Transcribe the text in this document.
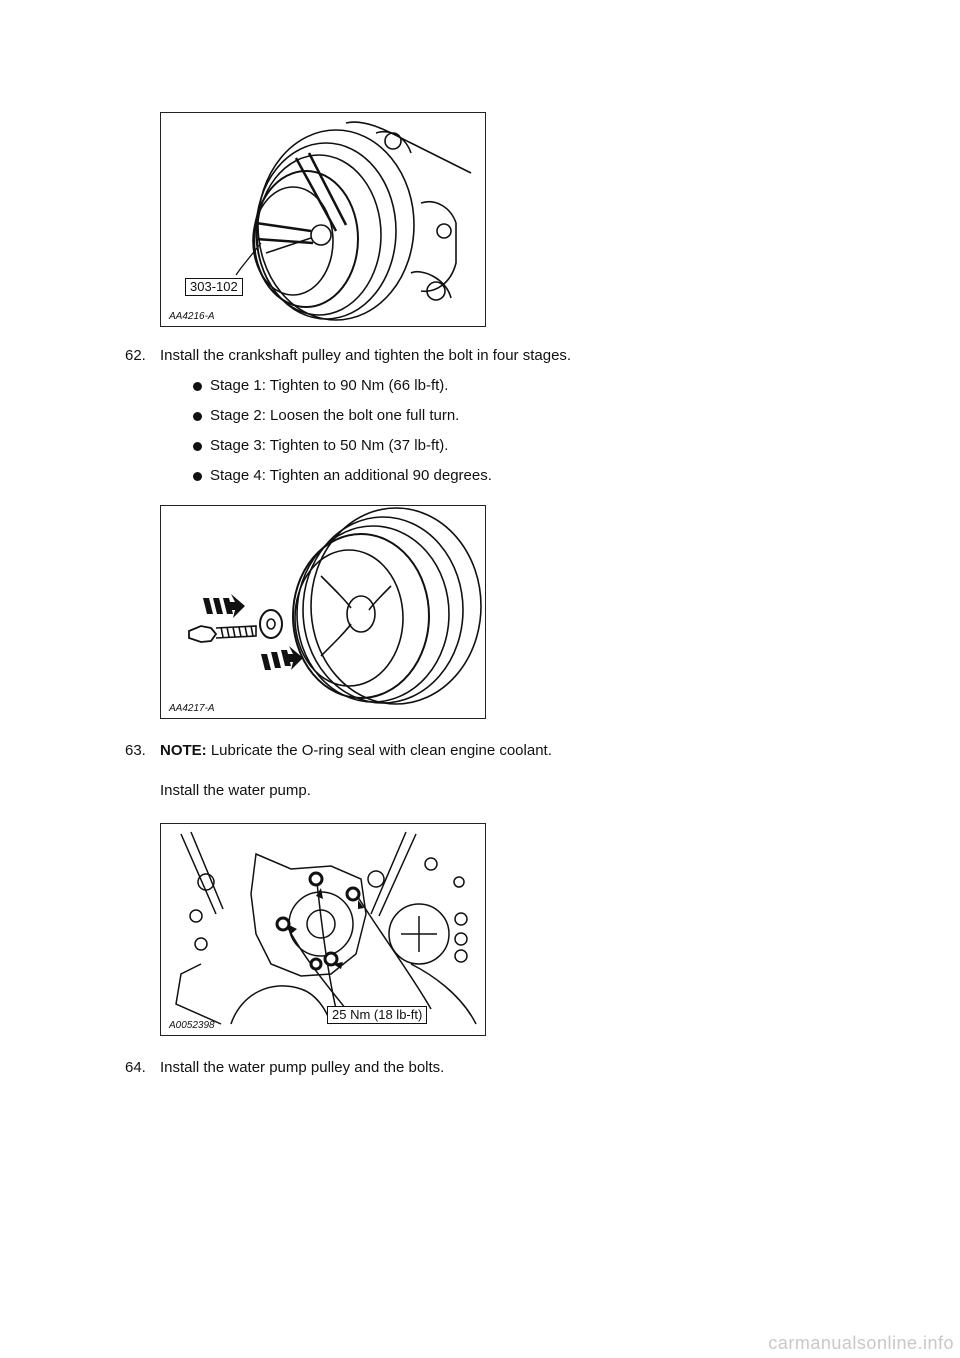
303-102
AA4216-A
62. Install the crankshaft pulley and tighten the bolt in four stages.
Stage 1: Tighten to 90 Nm (66 lb-ft).
Stage 2: Loosen the bolt one full turn.
Stage 3: Tighten to 50 Nm (37 lb-ft).
Stage 4: Tighten an additional 90 degrees.
AA4217-A
63. NOTE: Lubricate the O-ring seal with clean engine coolant.
Install the water pump.
25 Nm (18 lb-ft)
A0052398
64. Install the water pump pulley and the bolts.
carmanualsonline.info
